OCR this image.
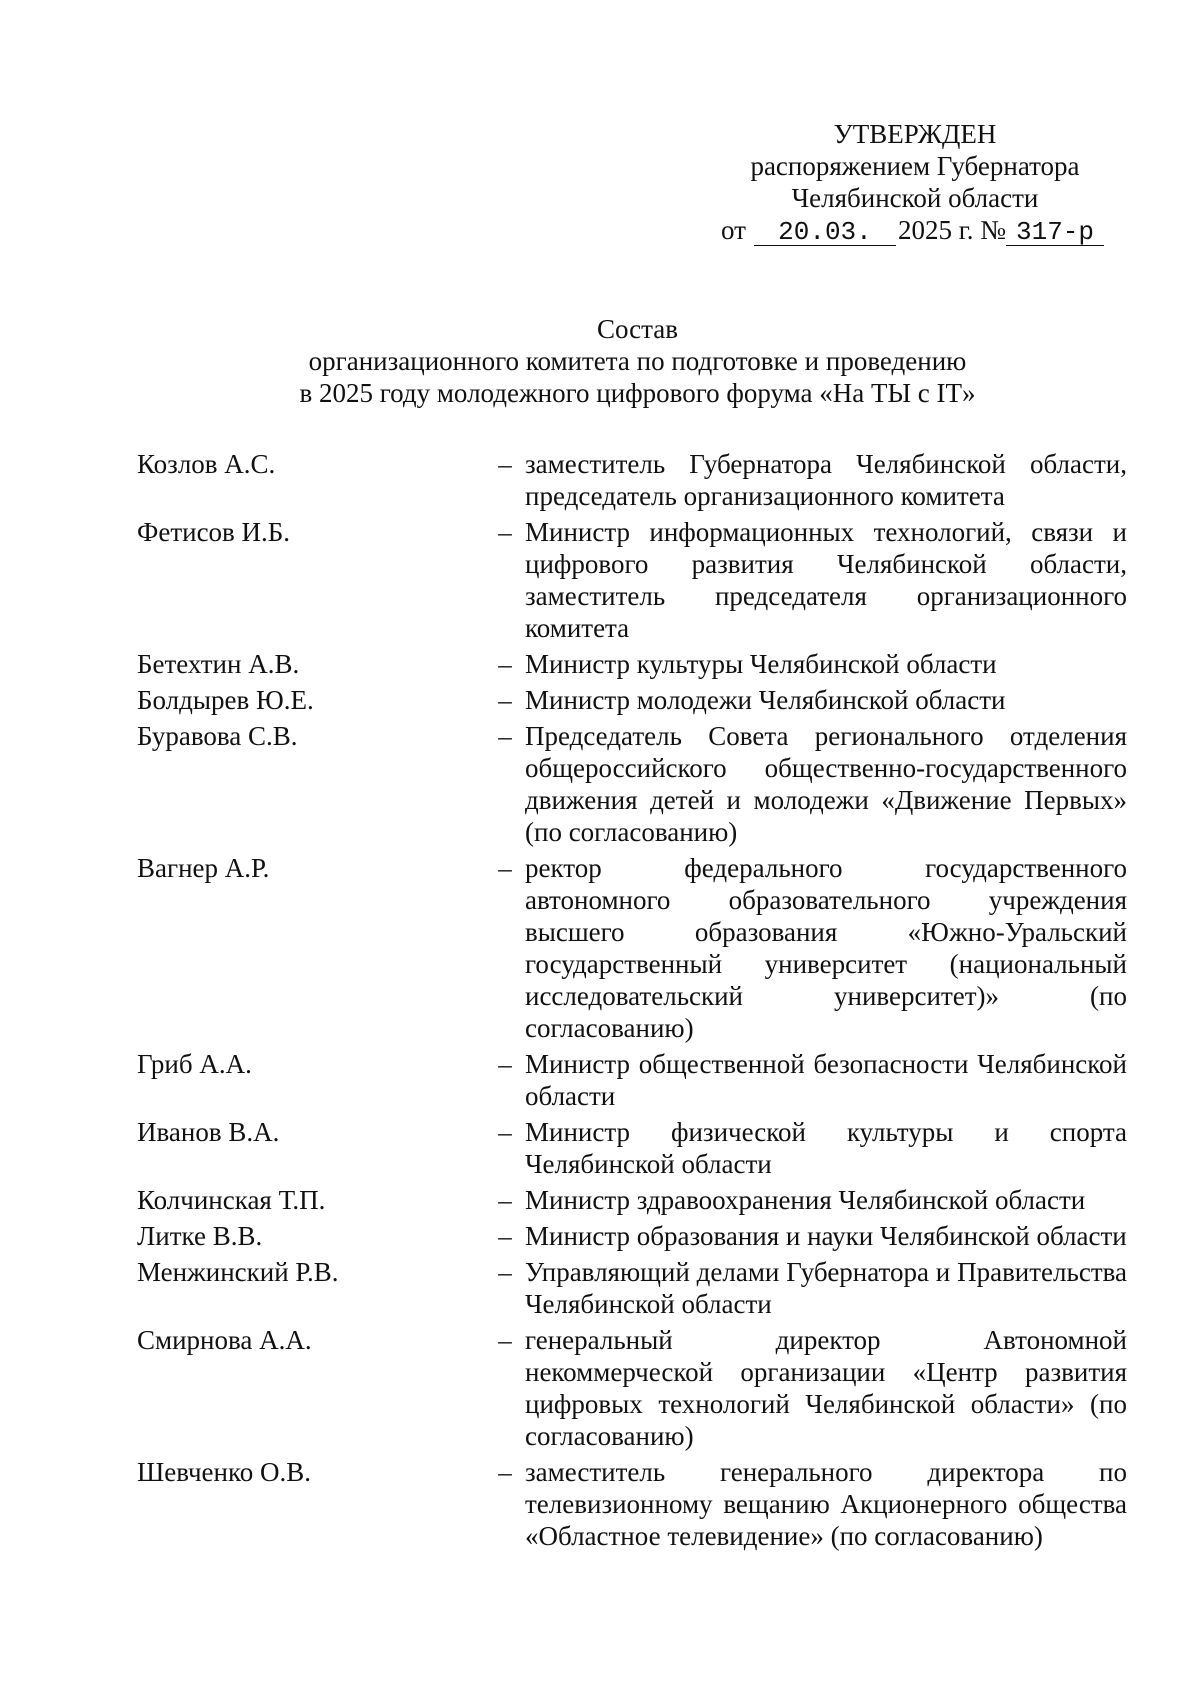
УТВЕРЖДЕН
распоряжением Губернатора
Челябинской области
от 20.03. 2025 г. № 317-р
Состав
организационного комитета по подготовке и проведению
в 2025 году молодежного цифрового форума «На ТЫ с IT»
Козлов А.С.	– заместитель Губернатора Челябинской области, председатель организационного комитета
Фетисов И.Б.	– Министр информационных технологий, связи и цифрового развития Челябинской области, заместитель председателя организационного комитета
Бетехтин А.В.	– Министр культуры Челябинской области
Болдырев Ю.Е.	– Министр молодежи Челябинской области
Буравова С.В.	– Председатель Совета регионального отделения общероссийского общественно-государственного движения детей и молодежи «Движение Первых» (по согласованию)
Вагнер А.Р.	– ректор федерального государственного автономного образовательного учреждения высшего образования «Южно-Уральский государственный университет (национальный исследовательский университет)» (по согласованию)
Гриб А.А.	– Министр общественной безопасности Челябинской области
Иванов В.А.	– Министр физической культуры и спорта Челябинской области
Колчинская Т.П.	– Министр здравоохранения Челябинской области
Литке В.В.	– Министр образования и науки Челябинской области
Менжинский Р.В.	– Управляющий делами Губернатора и Правительства Челябинской области
Смирнова А.А.	– генеральный директор Автономной некоммерческой организации «Центр развития цифровых технологий Челябинской области» (по согласованию)
Шевченко О.В.	– заместитель генерального директора по телевизионному вещанию Акционерного общества «Областное телевидение» (по согласованию)
